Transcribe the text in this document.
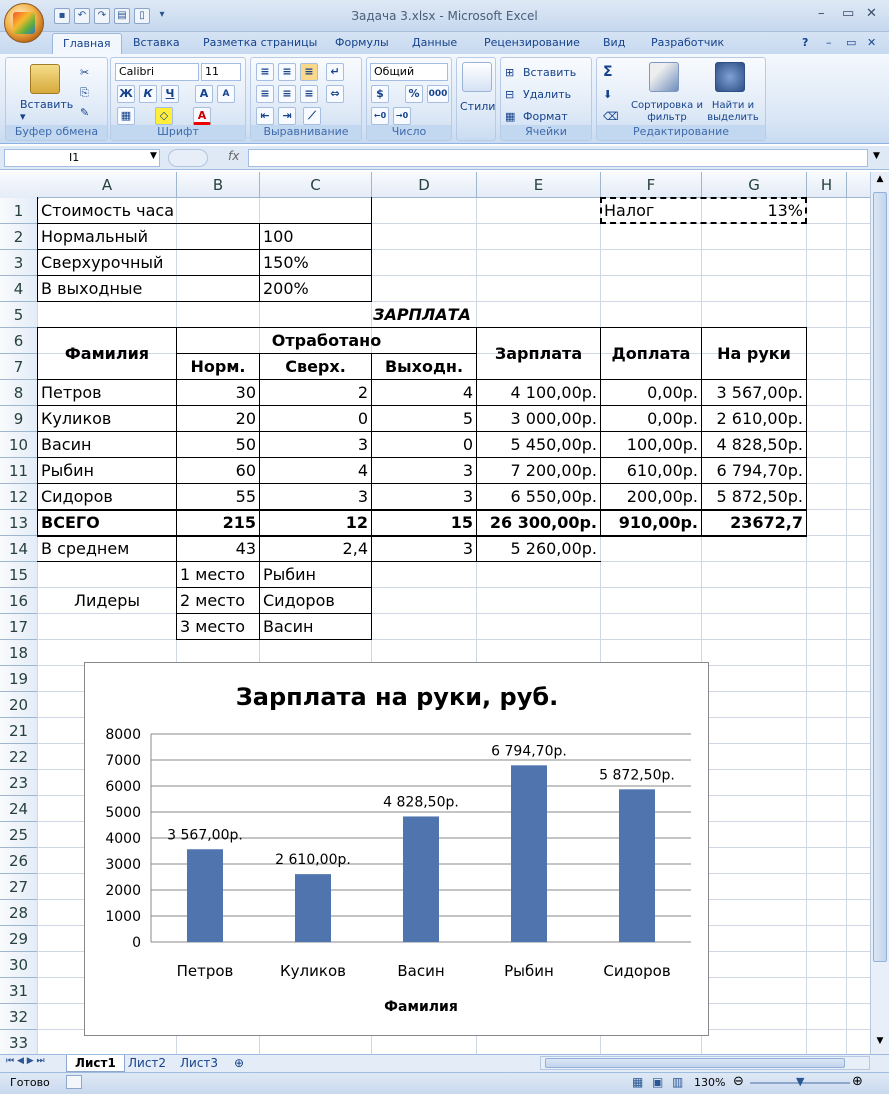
▪	↶	↷	▤	▯	▾	Задача 3.xlsx - Microsoft Excel	– ▭ ✕
Главная	Вставка Разметка страницы Формулы Данные Рецензирование Вид Разработчик	? – ▭ ✕
Вставить
▾
✂
⎘
✎
Буфер обмена
Calibri	11
Ж К	Ч	A	A
▦	◇	A
Шрифт
≡	≡	≡	↵
≡	≡	≡	⇔
⇤	⇥	⟋
Выравнивание
Общий
$	%	000
←0	→0
Число
Стили
⊞ Вставить
⊟ Удалить
▦ Формат
Ячейки
Σ
⬇
⌫
Сортировка и фильтр
Найти и выделить
Редактирование
I1	▼	fx	▼
A	B	C	D	E	F	G	H
1
2
3
4
5
6
7
8
9
10
11
12
13
14
15
16
17
18
19
20
21
22
23
24
25
26
27
28
29
30
31
32
33
Стоимость часа	Налог	13%
Нормальный	100
Сверхурочный	150%
В выходные	200%
ЗАРПЛАТА
Фамилия
Отработано
Норм.	Сверх.	Выходн.
Зарплата	Доплата	На руки
Петров	30	2	4	4 100,00р.	0,00р.	3 567,00р.
Куликов	20	0	5	3 000,00р.	0,00р.	2 610,00р.
Васин	50	3	0	5 450,00р.	100,00р.	4 828,50р.
Рыбин	60	4	3	7 200,00р.	610,00р.	6 794,70р.
Сидоров	55	3	3	6 550,00р.	200,00р.	5 872,50р.
ВСЕГО	215	12	15	26 300,00р.	910,00р.	23672,7
В среднем	43	2,4	3	5 260,00р.
Лидеры
1 место	Рыбин
2 место	Сидоров
3 место	Васин
Зарплата на руки, руб.
0
1000
2000
3000
4000
5000
6000
7000
8000
3 567,00р.
Петров
2 610,00р.
Куликов
4 828,50р.
Васин
6 794,70р.
Рыбин
5 872,50р.
Сидоров
Фамилия
▲
▼
⏮ ◀ ▶ ⏭	Лист1	Лист2	Лист3	⊕
Готово	▦ ▣ ▥ 130% ⊖	▼	⊕
